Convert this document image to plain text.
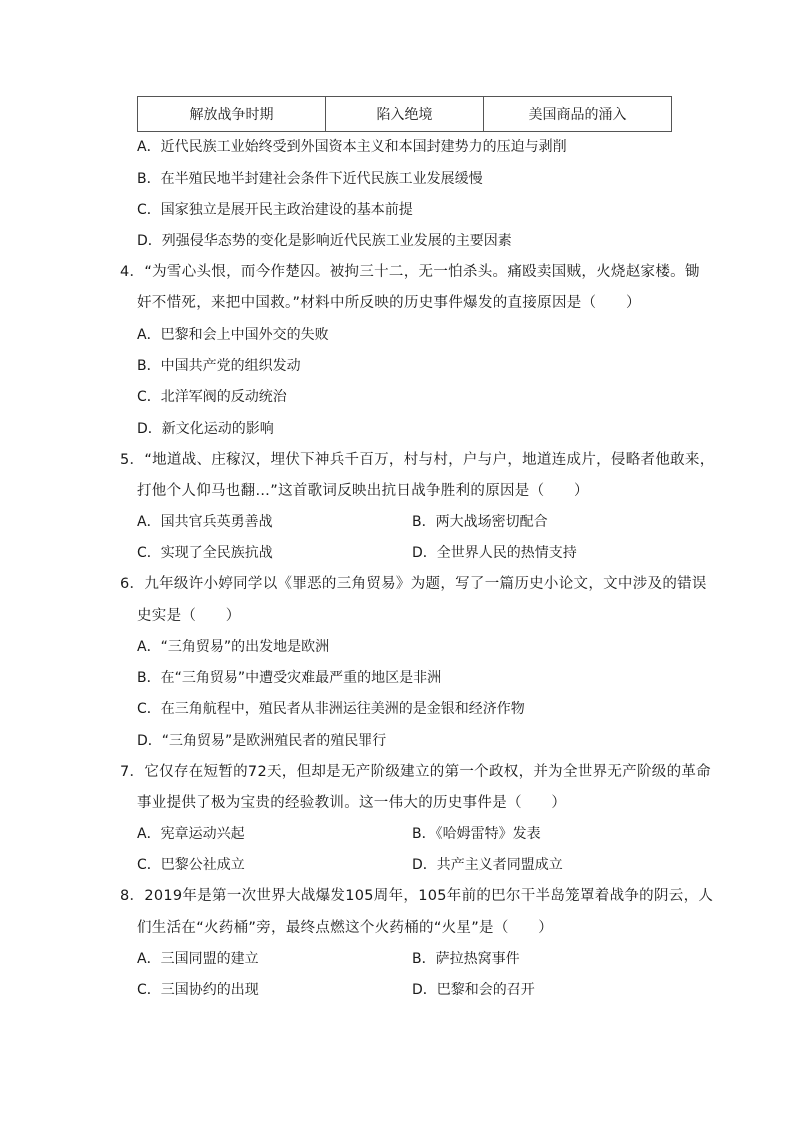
解放战争时期	陷入绝境	美国商品的涌入
A．近代民族工业始终受到外国资本主义和本国封建势力的压迫与剥削
B．在半殖民地半封建社会条件下近代民族工业发展缓慢
C．国家独立是展开民主政治建设的基本前提
D．列强侵华态势的变化是影响近代民族工业发展的主要因素
4．“为雪心头恨，而今作楚囚。被拘三十二，无一怕杀头。痛殴卖国贼，火烧赵家楼。锄
奸不惜死，来把中国救。”材料中所反映的历史事件爆发的直接原因是（　　）
A．巴黎和会上中国外交的失败
B．中国共产党的组织发动
C．北洋军阀的反动统治
D．新文化运动的影响
5．“地道战、庄稼汉，埋伏下神兵千百万，村与村，户与户，地道连成片，侵略者他敢来，
打他个人仰马也翻…”这首歌词反映出抗日战争胜利的原因是（　　）
A．国共官兵英勇善战	B．两大战场密切配合
C．实现了全民族抗战	D．全世界人民的热情支持
6．九年级许小婷同学以《罪恶的三角贸易》为题，写了一篇历史小论文，文中涉及的错误
史实是（　　）
A．“三角贸易”的出发地是欧洲
B．在“三角贸易”中遭受灾难最严重的地区是非洲
C．在三角航程中，殖民者从非洲运往美洲的是金银和经济作物
D．“三角贸易”是欧洲殖民者的殖民罪行
7．它仅存在短暂的72天，但却是无产阶级建立的第一个政权，并为全世界无产阶级的革命
事业提供了极为宝贵的经验教训。这一伟大的历史事件是（　　）
A．宪章运动兴起	B．《哈姆雷特》发表
C．巴黎公社成立	D．共产主义者同盟成立
8．2019年是第一次世界大战爆发105周年，105年前的巴尔干半岛笼罩着战争的阴云，人
们生活在“火药桶”旁，最终点燃这个火药桶的“火星”是（　　）
A．三国同盟的建立	B．萨拉热窝事件
C．三国协约的出现	D．巴黎和会的召开
